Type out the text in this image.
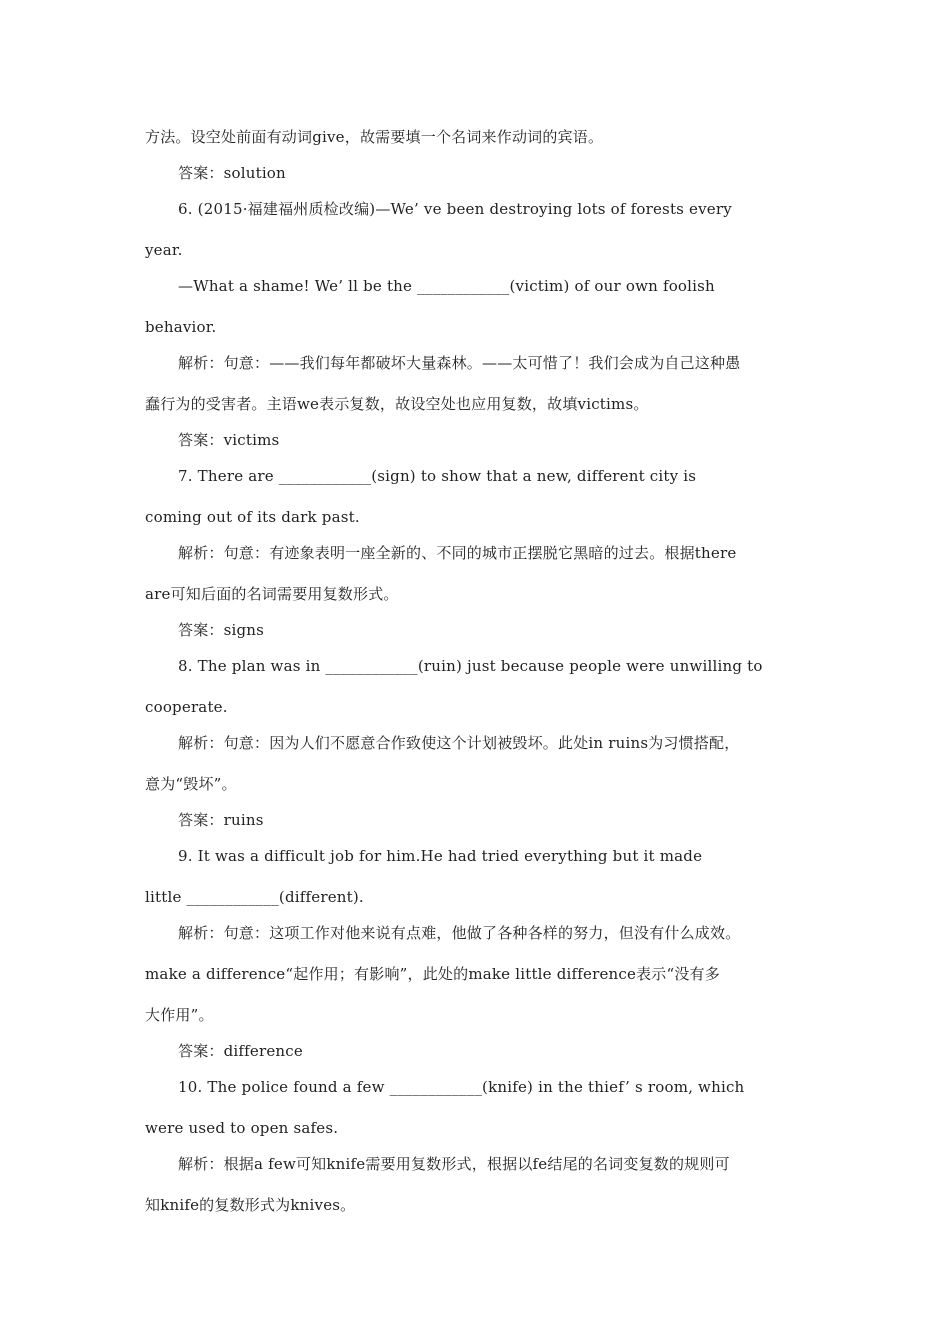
方法。设空处前面有动词give，故需要填一个名词来作动词的宾语。
答案：solution
6. (2015·福建福州质检改编)—We’ ve been destroying lots of forests every
year.
—What a shame! We’ ll be the ____________(victim) of our own foolish
behavior.
解析：句意：——我们每年都破坏大量森林。——太可惜了！我们会成为自己这种愚
蠢行为的受害者。主语we表示复数，故设空处也应用复数，故填victims。
答案：victims
7. There are ____________(sign) to show that a new, different city is
coming out of its dark past.
解析：句意：有迹象表明一座全新的、不同的城市正摆脱它黑暗的过去。根据there
are可知后面的名词需要用复数形式。
答案：signs
8. The plan was in ____________(ruin) just because people were unwilling to
cooperate.
解析：句意：因为人们不愿意合作致使这个计划被毁坏。此处in ruins为习惯搭配，
意为“毁坏”。
答案：ruins
9. It was a difficult job for him.He had tried everything but it made
little ____________(different).
解析：句意：这项工作对他来说有点难，他做了各种各样的努力，但没有什么成效。
make a difference“起作用；有影响”，此处的make little difference表示“没有多
大作用”。
答案：difference
10. The police found a few ____________(knife) in the thief’ s room, which
were used to open safes.
解析：根据a few可知knife需要用复数形式，根据以fe结尾的名词变复数的规则可
知knife的复数形式为knives。
